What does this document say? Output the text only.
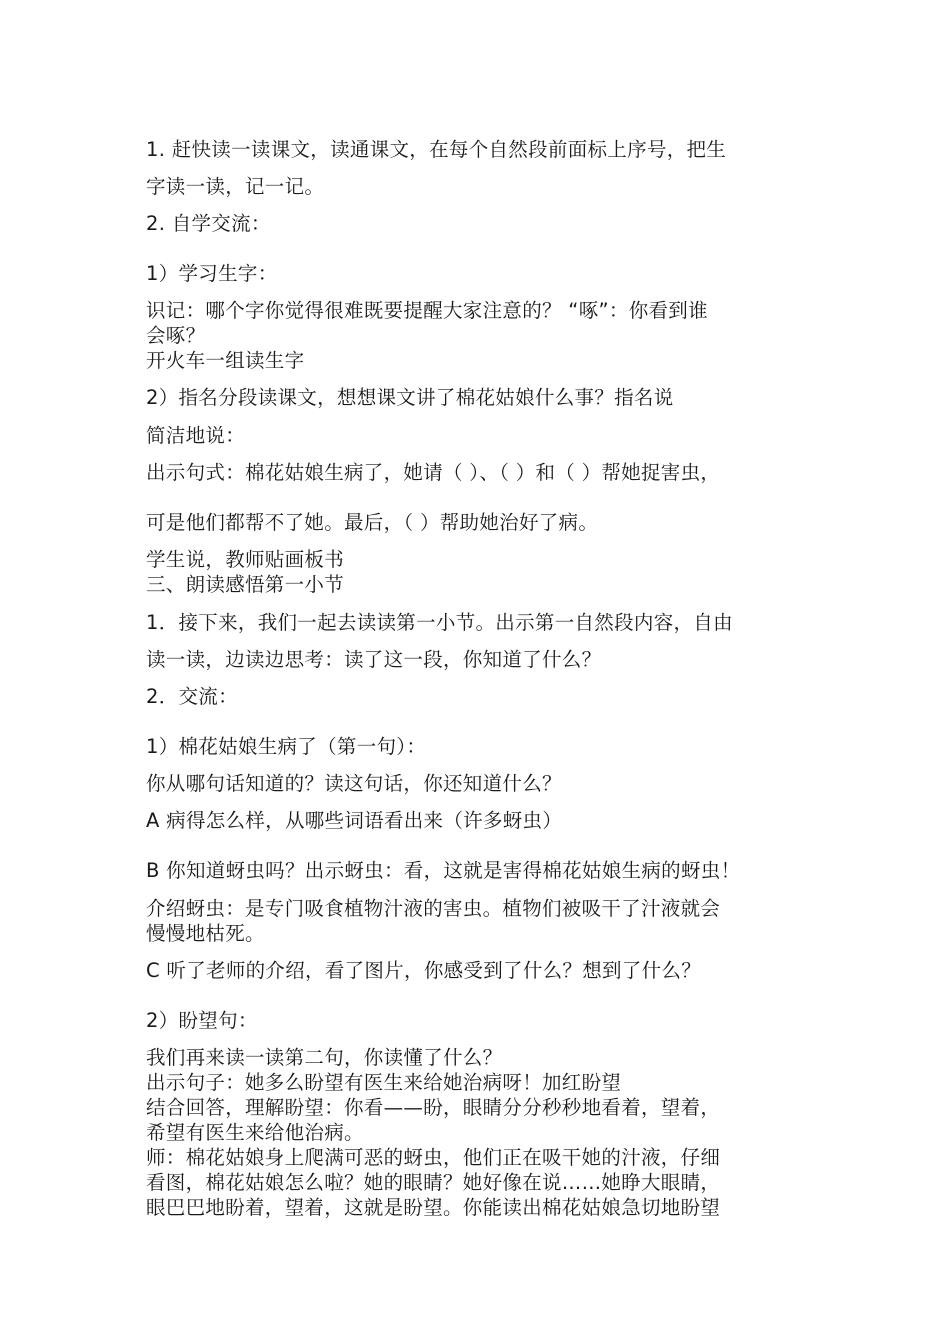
1. 赶快读一读课文，读通课文，在每个自然段前面标上序号，把生

字读一读，记一记。

2. 自学交流：

1）学习生字：

识记：哪个字你觉得很难既要提醒大家注意的？ “啄”：你看到谁

会啄？

开火车一组读生字

2）指名分段读课文，想想课文讲了棉花姑娘什么事？指名说

简洁地说：

出示句式：棉花姑娘生病了，她请（ ）、（ ）和（ ）帮她捉害虫，

可是他们都帮不了她。最后，（ ）帮助她治好了病。

学生说，教师贴画板书

三、朗读感悟第一小节

1．接下来，我们一起去读读第一小节。出示第一自然段内容，自由

读一读，边读边思考：读了这一段，你知道了什么？

2．交流：

1）棉花姑娘生病了（第一句）：

你从哪句话知道的？读这句话，你还知道什么？

A 病得怎么样，从哪些词语看出来（许多蚜虫）

B 你知道蚜虫吗？出示蚜虫：看，这就是害得棉花姑娘生病的蚜虫！

介绍蚜虫：是专门吸食植物汁液的害虫。植物们被吸干了汁液就会

慢慢地枯死。

C 听了老师的介绍，看了图片，你感受到了什么？想到了什么？

2）盼望句：

我们再来读一读第二句，你读懂了什么？

出示句子：她多么盼望有医生来给她治病呀！加红盼望

结合回答，理解盼望：你看——盼，眼睛分分秒秒地看着，望着，

希望有医生来给他治病。

师：棉花姑娘身上爬满可恶的蚜虫，他们正在吸干她的汁液，仔细

看图，棉花姑娘怎么啦？她的眼睛？她好像在说……她睁大眼睛，

眼巴巴地盼着，望着，这就是盼望。你能读出棉花姑娘急切地盼望
